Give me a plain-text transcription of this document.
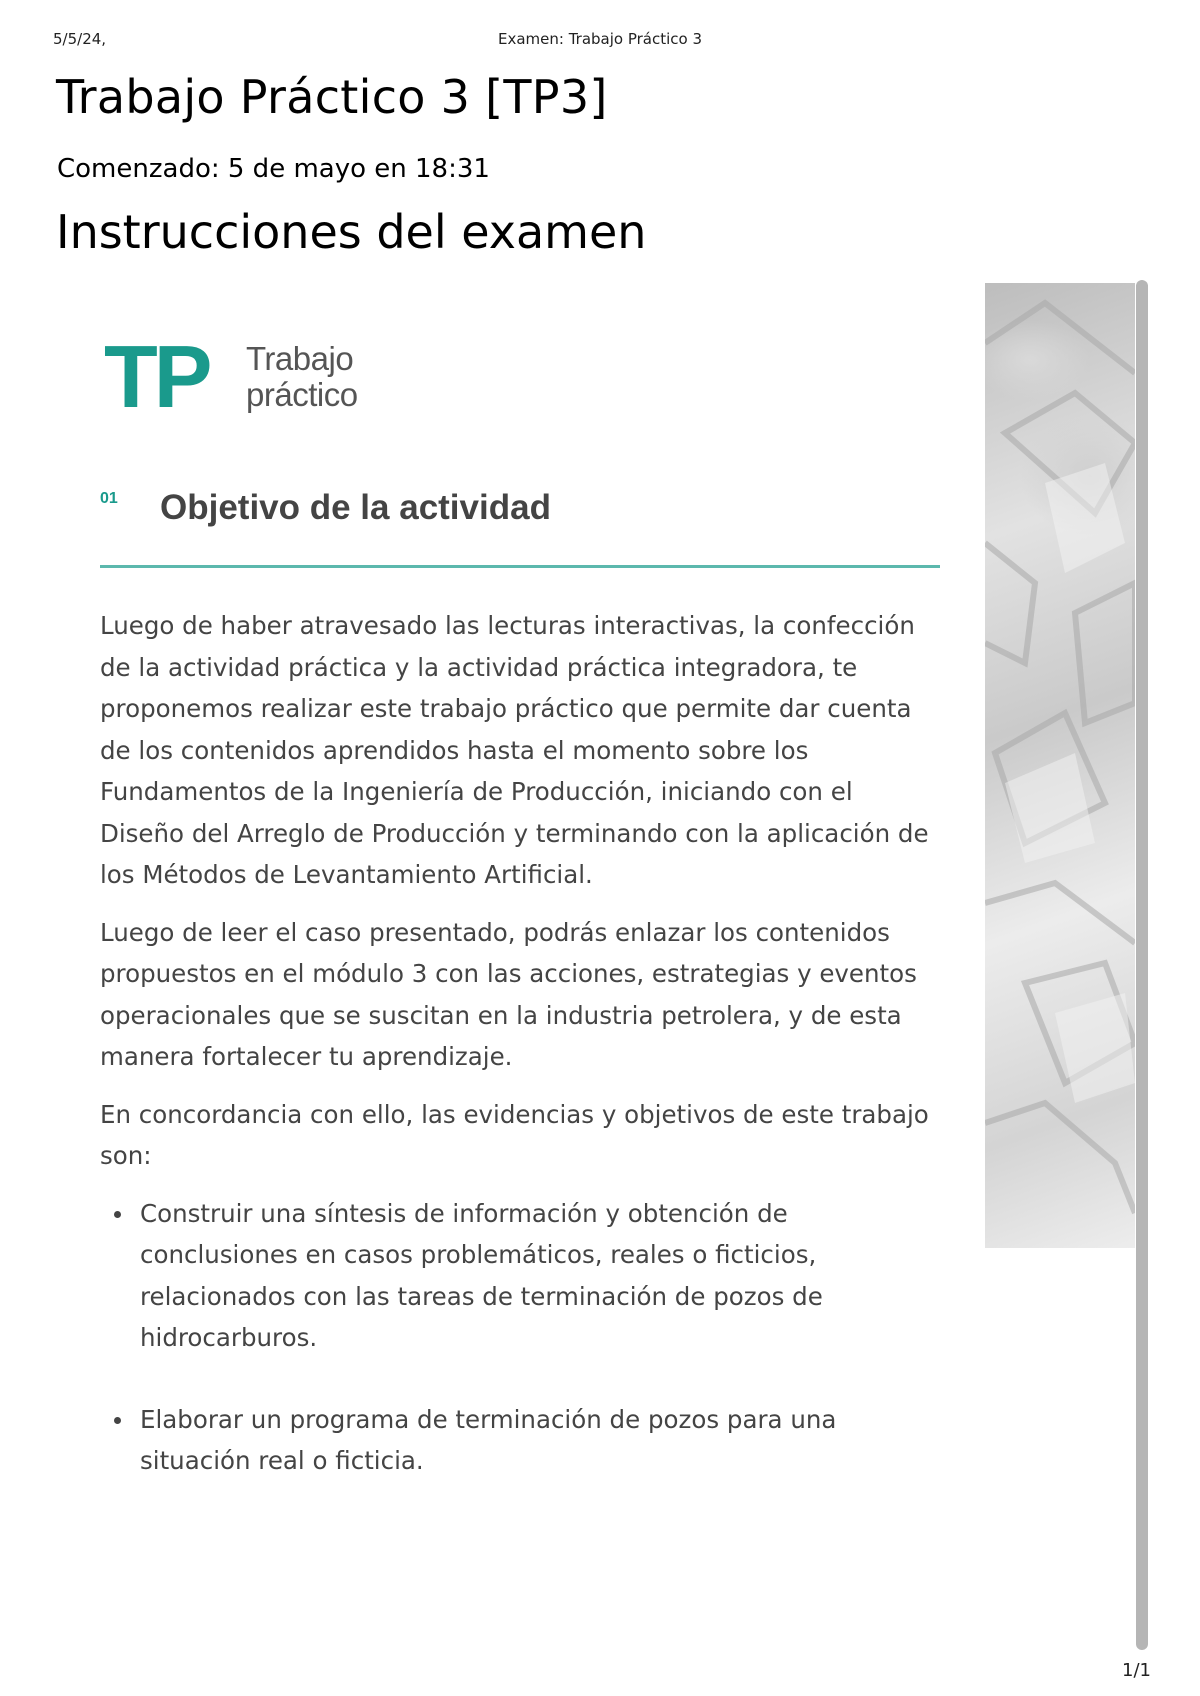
5/5/24,	Examen: Trabajo Práctico 3
Trabajo Práctico 3 [TP3]
Comenzado: 5 de mayo en 18:31
Instrucciones del examen
TP Trabajo
práctico
01 Objetivo de la actividad

Luego de haber atravesado las lecturas interactivas, la confección de la actividad práctica y la actividad práctica integradora, te proponemos realizar este trabajo práctico que permite dar cuenta de los contenidos aprendidos hasta el momento sobre los Fundamentos de la Ingeniería de Producción, iniciando con el Diseño del Arreglo de Producción y terminando con la aplicación de los Métodos de Levantamiento Artificial.

Luego de leer el caso presentado, podrás enlazar los contenidos propuestos en el módulo 3 con las acciones, estrategias y eventos operacionales que se suscitan en la industria petrolera, y de esta manera fortalecer tu aprendizaje.

En concordancia con ello, las evidencias y objetivos de este trabajo son:

Construir una síntesis de información y obtención de conclusiones en casos problemáticos, reales o ficticios, relacionados con las tareas de terminación de pozos de hidrocarburos.
Elaborar un programa de terminación de pozos para una situación real o ficticia.
1/1
